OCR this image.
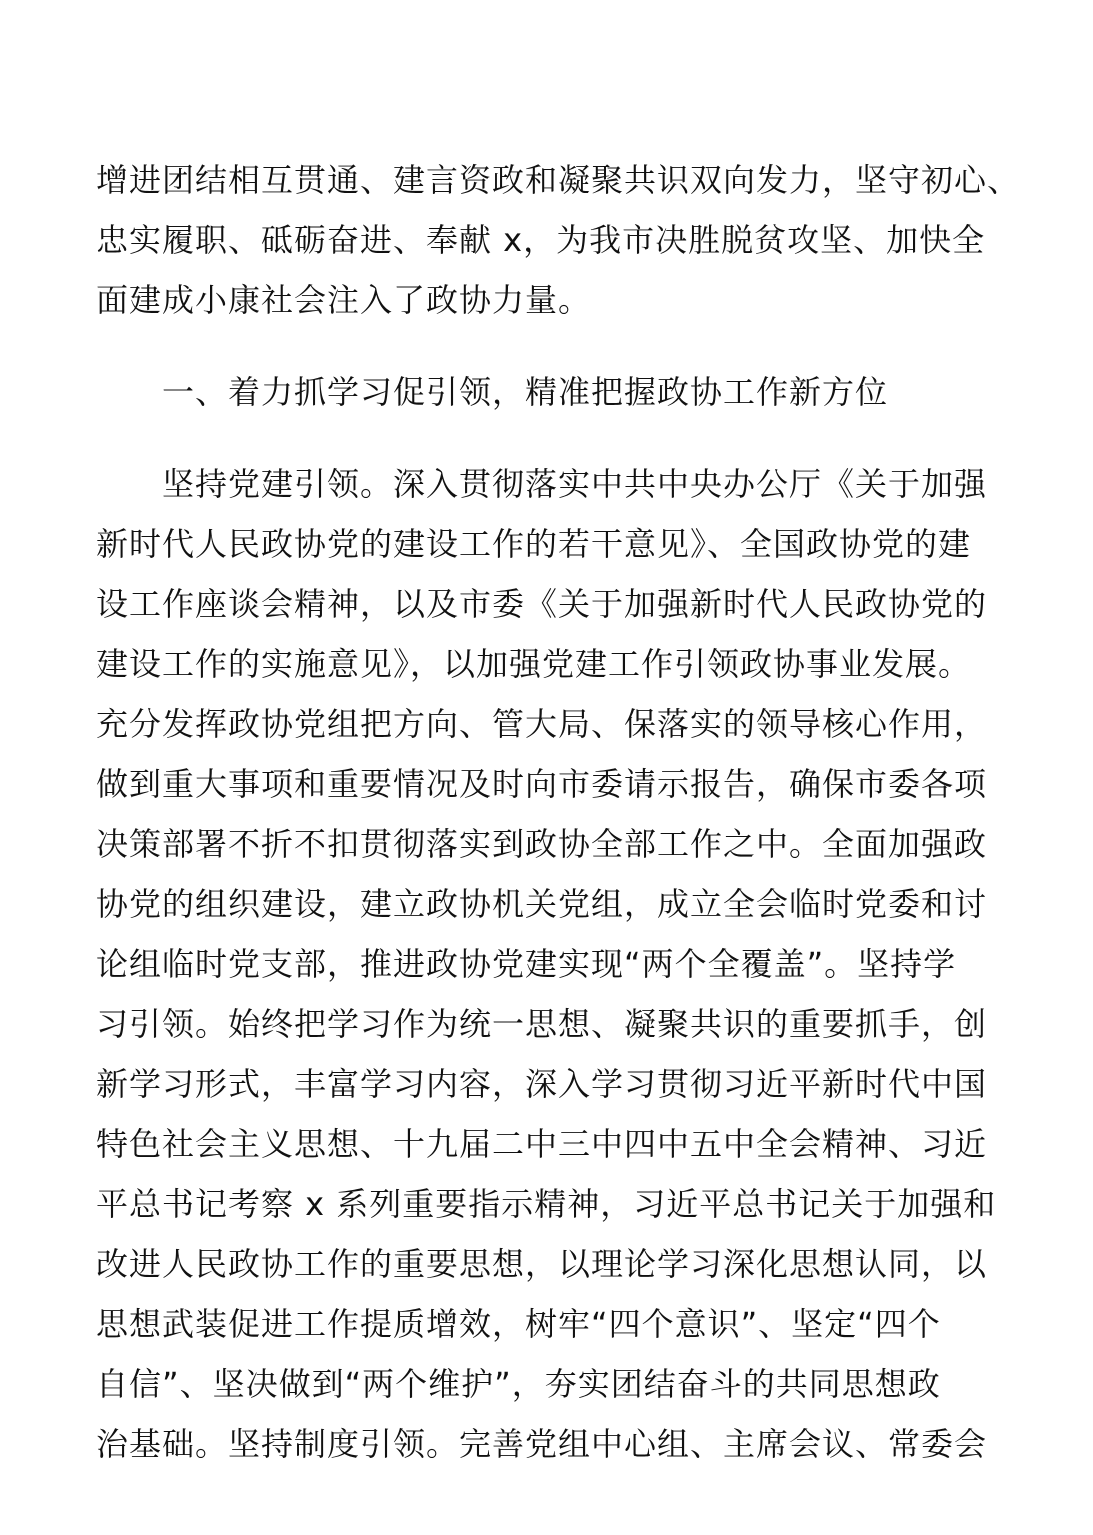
增进团结相互贯通、建言资政和凝聚共识双向发力，坚守初心、
忠实履职、砥砺奋进、奉献 x，为我市决胜脱贫攻坚、加快全
面建成小康社会注入了政协力量。
一、着力抓学习促引领，精准把握政协工作新方位
坚持党建引领。深入贯彻落实中共中央办公厅《关于加强
新时代人民政协党的建设工作的若干意见》、全国政协党的建
设工作座谈会精神，以及市委《关于加强新时代人民政协党的
建设工作的实施意见》，以加强党建工作引领政协事业发展。
充分发挥政协党组把方向、管大局、保落实的领导核心作用，
做到重大事项和重要情况及时向市委请示报告，确保市委各项
决策部署不折不扣贯彻落实到政协全部工作之中。全面加强政
协党的组织建设，建立政协机关党组，成立全会临时党委和讨
论组临时党支部，推进政协党建实现“两个全覆盖”。坚持学
习引领。始终把学习作为统一思想、凝聚共识的重要抓手，创
新学习形式，丰富学习内容，深入学习贯彻习近平新时代中国
特色社会主义思想、十九届二中三中四中五中全会精神、习近
平总书记考察 x 系列重要指示精神，习近平总书记关于加强和
改进人民政协工作的重要思想，以理论学习深化思想认同，以
思想武装促进工作提质增效，树牢“四个意识”、坚定“四个
自信”、坚决做到“两个维护”，夯实团结奋斗的共同思想政
治基础。坚持制度引领。完善党组中心组、主席会议、常委会
